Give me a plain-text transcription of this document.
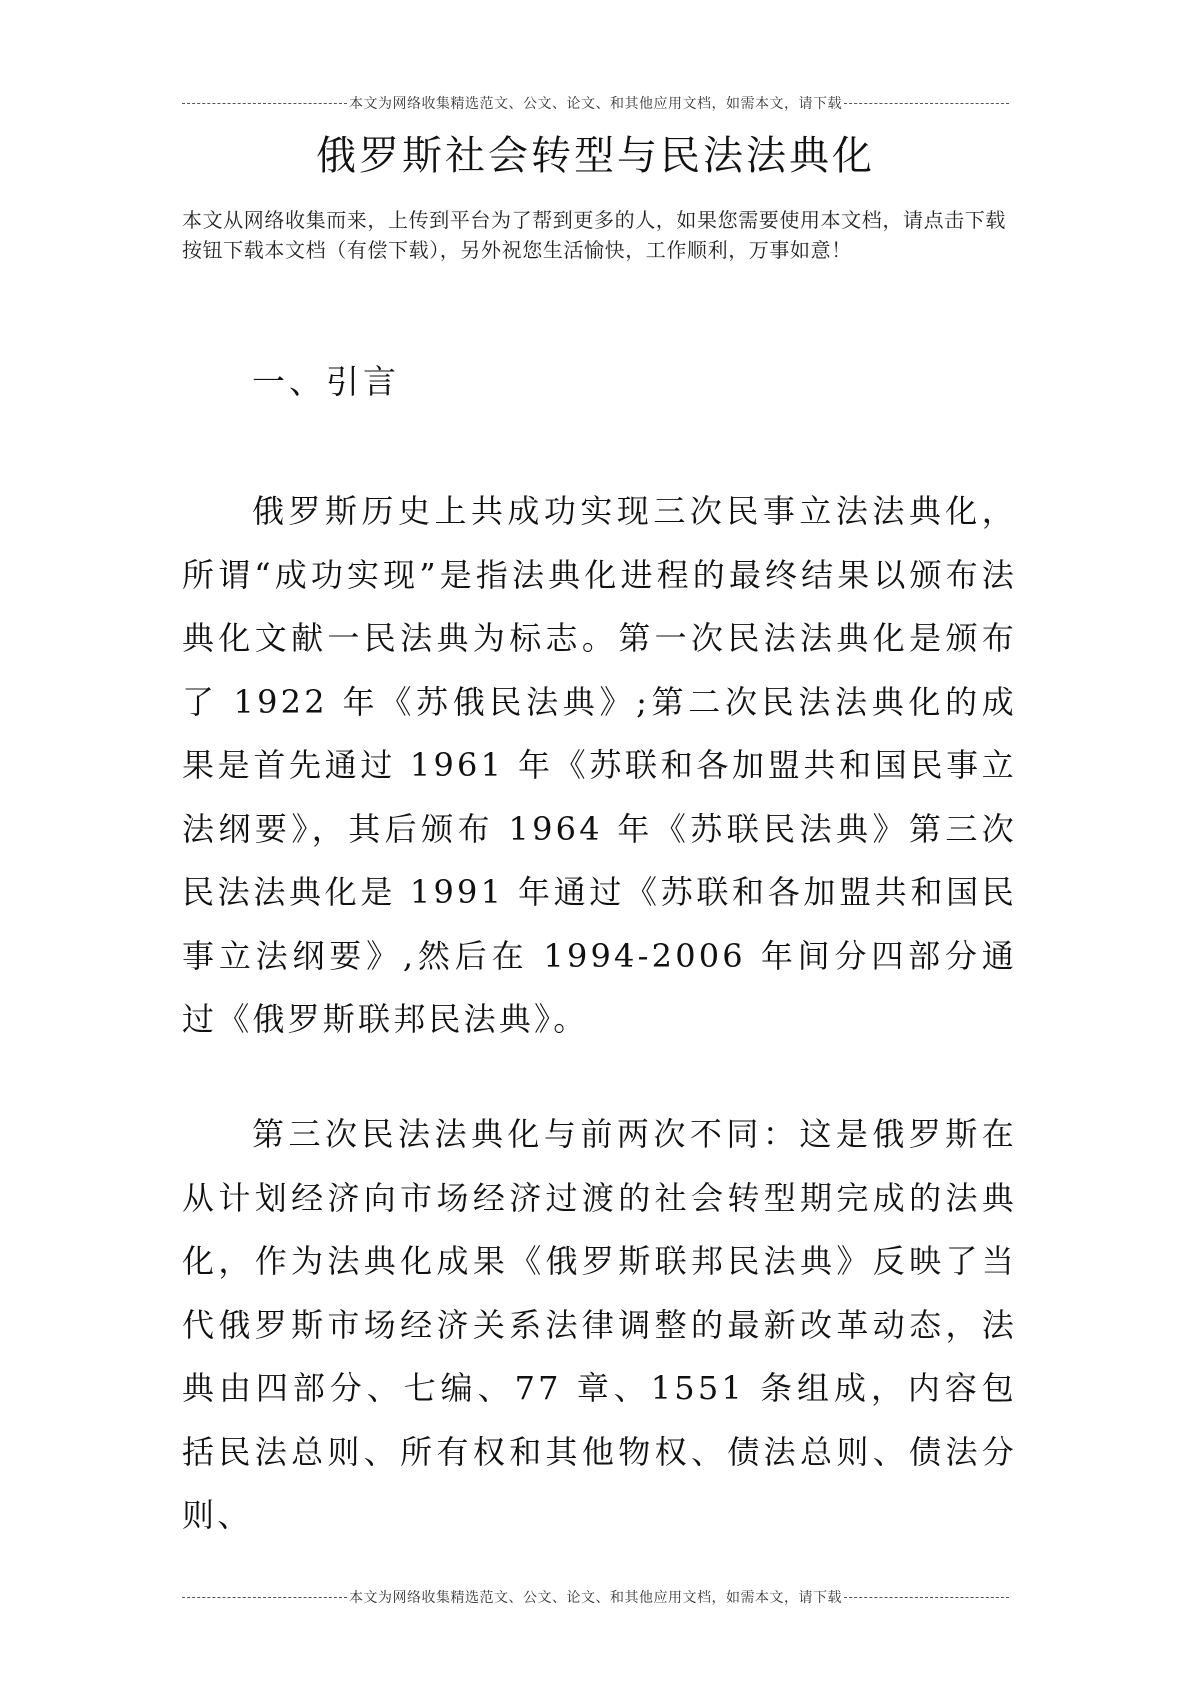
本文为网络收集精选范文、公文、论文、和其他应用文档，如需本文，请下载
俄罗斯社会转型与民法法典化

本文从网络收集而来，上传到平台为了帮到更多的人，如果您需要使用本文档，请点击下载按钮下载本文档（有偿下载），另外祝您生活愉快，工作顺利，万事如意！

一、引言

俄罗斯历史上共成功实现三次民事立法法典化，所谓“成功实现”是指法典化进程的最终结果以颁布法典化文献一民法典为标志。第一次民法法典化是颁布了 1922 年《苏俄民法典》;第二次民法法典化的成果是首先通过 1961 年《苏联和各加盟共和国民事立法纲要》，其后颁布 1964 年《苏联民法典》第三次民法法典化是 1991 年通过《苏联和各加盟共和国民事立法纲要》,然后在 1994-2006 年间分四部分通过《俄罗斯联邦民法典》。

第三次民法法典化与前两次不同：这是俄罗斯在从计划经济向市场经济过渡的社会转型期完成的法典化，作为法典化成果《俄罗斯联邦民法典》反映了当代俄罗斯市场经济关系法律调整的最新改革动态，法典由四部分、七编、77 章、1551 条组成，内容包括民法总则、所有权和其他物权、债法总则、债法分则、

本文为网络收集精选范文、公文、论文、和其他应用文档，如需本文，请下载
